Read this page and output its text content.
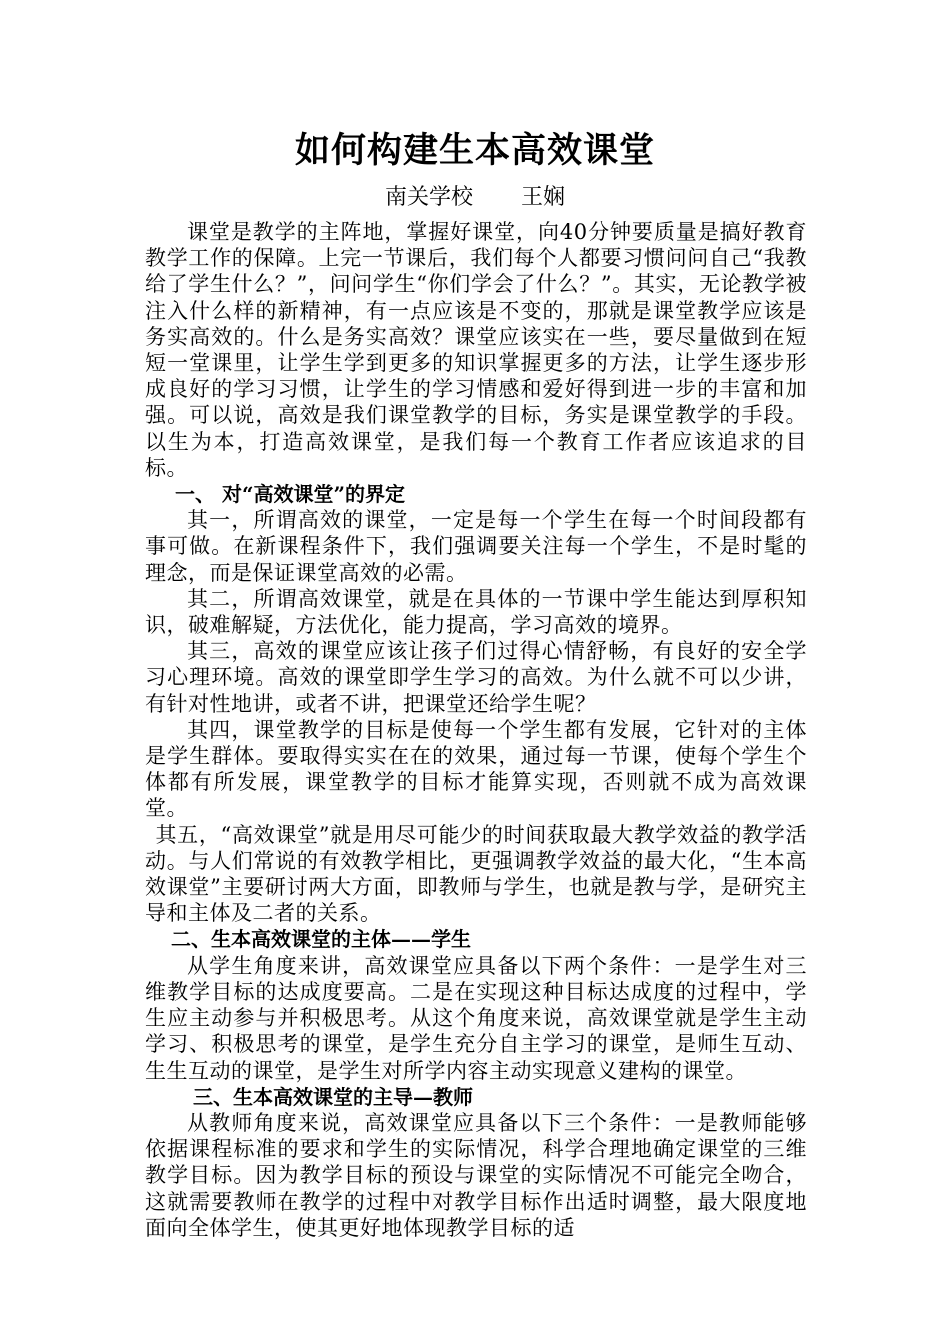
如何构建生本高效课堂
南关学校 王娴

课堂是教学的主阵地，掌握好课堂，向40分钟要质量是搞好教育教学工作的保障。上完一节课后，我们每个人都要习惯问问自己“我教给了学生什么？”，问问学生“你们学会了什么？”。其实，无论教学被注入什么样的新精神，有一点应该是不变的，那就是课堂教学应该是务实高效的。什么是务实高效？课堂应该实在一些，要尽量做到在短短一堂课里，让学生学到更多的知识掌握更多的方法，让学生逐步形成良好的学习习惯，让学生的学习情感和爱好得到进一步的丰富和加强。可以说，高效是我们课堂教学的目标，务实是课堂教学的手段。以生为本，打造高效课堂，是我们每一个教育工作者应该追求的目标。

一、 对“高效课堂”的界定

其一，所谓高效的课堂，一定是每一个学生在每一个时间段都有事可做。在新课程条件下，我们强调要关注每一个学生，不是时髦的理念，而是保证课堂高效的必需。

其二，所谓高效课堂，就是在具体的一节课中学生能达到厚积知识，破难解疑，方法优化，能力提高，学习高效的境界。

其三，高效的课堂应该让孩子们过得心情舒畅，有良好的安全学习心理环境。高效的课堂即学生学习的高效。为什么就不可以少讲，有针对性地讲，或者不讲，把课堂还给学生呢？

其四，课堂教学的目标是使每一个学生都有发展，它针对的主体是学生群体。要取得实实在在的效果，通过每一节课，使每个学生个体都有所发展，课堂教学的目标才能算实现，否则就不成为高效课堂。

其五，“高效课堂”就是用尽可能少的时间获取最大教学效益的教学活动。与人们常说的有效教学相比，更强调教学效益的最大化，“生本高效课堂”主要研讨两大方面，即教师与学生，也就是教与学，是研究主导和主体及二者的关系。

二、生本高效课堂的主体——学生

从学生角度来讲，高效课堂应具备以下两个条件：一是学生对三维教学目标的达成度要高。二是在实现这种目标达成度的过程中，学生应主动参与并积极思考。从这个角度来说，高效课堂就是学生主动学习、积极思考的课堂，是学生充分自主学习的课堂，是师生互动、生生互动的课堂，是学生对所学内容主动实现意义建构的课堂。

三、生本高效课堂的主导—教师

从教师角度来说，高效课堂应具备以下三个条件：一是教师能够依据课程标准的要求和学生的实际情况，科学合理地确定课堂的三维教学目标。因为教学目标的预设与课堂的实际情况不可能完全吻合，这就需要教师在教学的过程中对教学目标作出适时调整，最大限度地面向全体学生，使其更好地体现教学目标的适
